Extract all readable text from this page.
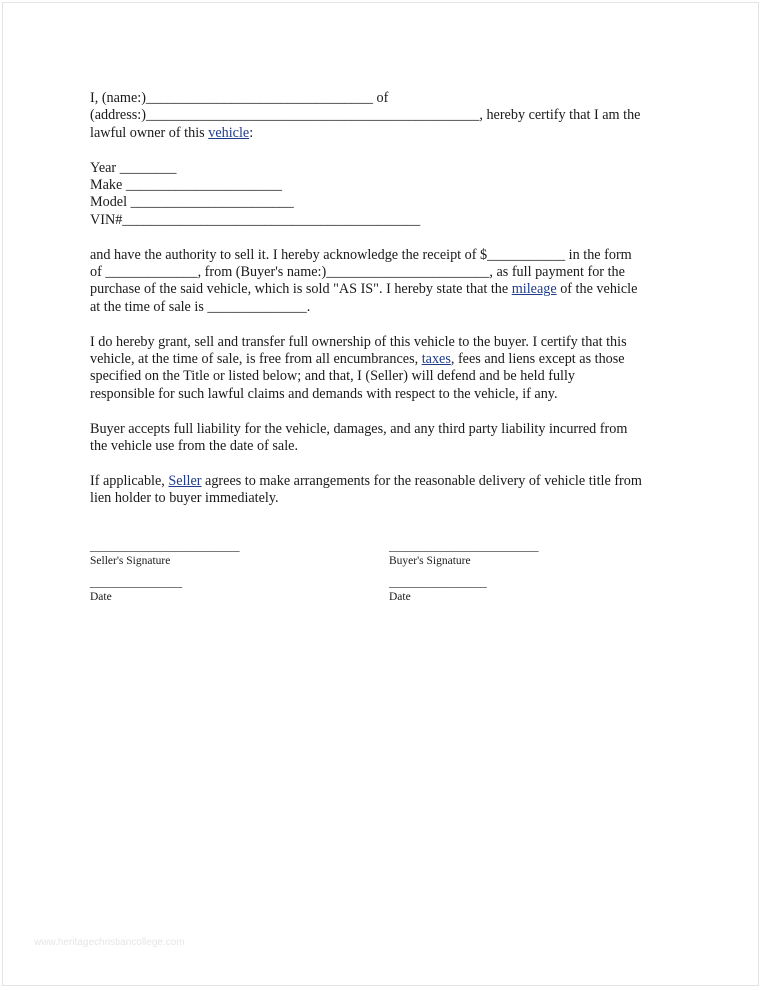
I, (name:)________________________________ of
(address:)_______________________________________________, hereby certify that I am the
lawful owner of this vehicle:
Year ________
Make ______________________
Model _______________________
VIN#__________________________________________
and have the authority to sell it. I hereby acknowledge the receipt of $___________ in the form
of _____________, from (Buyer's name:)_______________________, as full payment for the
purchase of the said vehicle, which is sold "AS IS". I hereby state that the mileage of the vehicle
at the time of sale is ______________.
I do hereby grant, sell and transfer full ownership of this vehicle to the buyer. I certify that this
vehicle, at the time of sale, is free from all encumbrances, taxes, fees and liens except as those
specified on the Title or listed below; and that, I (Seller) will defend and be held fully
responsible for such lawful claims and demands with respect to the vehicle, if any.
Buyer accepts full liability for the vehicle, damages, and any third party liability incurred from
the vehicle use from the date of sale.
If applicable, Seller agrees to make arrangements for the reasonable delivery of vehicle title from
lien holder to buyer immediately.
__________________________
Seller's Signature
________________
Date
__________________________
Buyer's Signature
_________________
Date
www.heritagechristiancollege.com
